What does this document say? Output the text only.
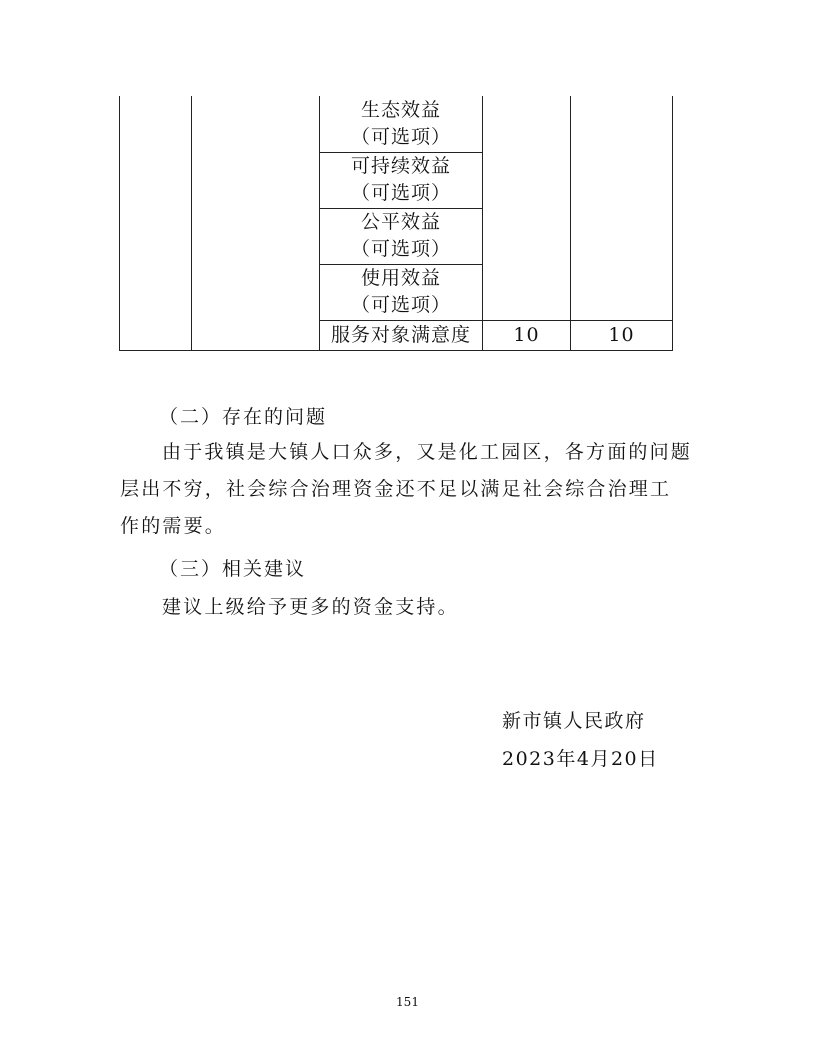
		生态效益
（可选项）		

		可持续效益
（可选项）		

		公平效益
（可选项）		

		使用效益
（可选项）		

		服务对象满意度	10	10

（二）存在的问题

由于我镇是大镇人口众多，又是化工园区，各方面的问题层出不穷，社会综合治理资金还不足以满足社会综合治理工作的需要。

（三）相关建议

建议上级给予更多的资金支持。

新市镇人民政府

2023年4月20日

151
